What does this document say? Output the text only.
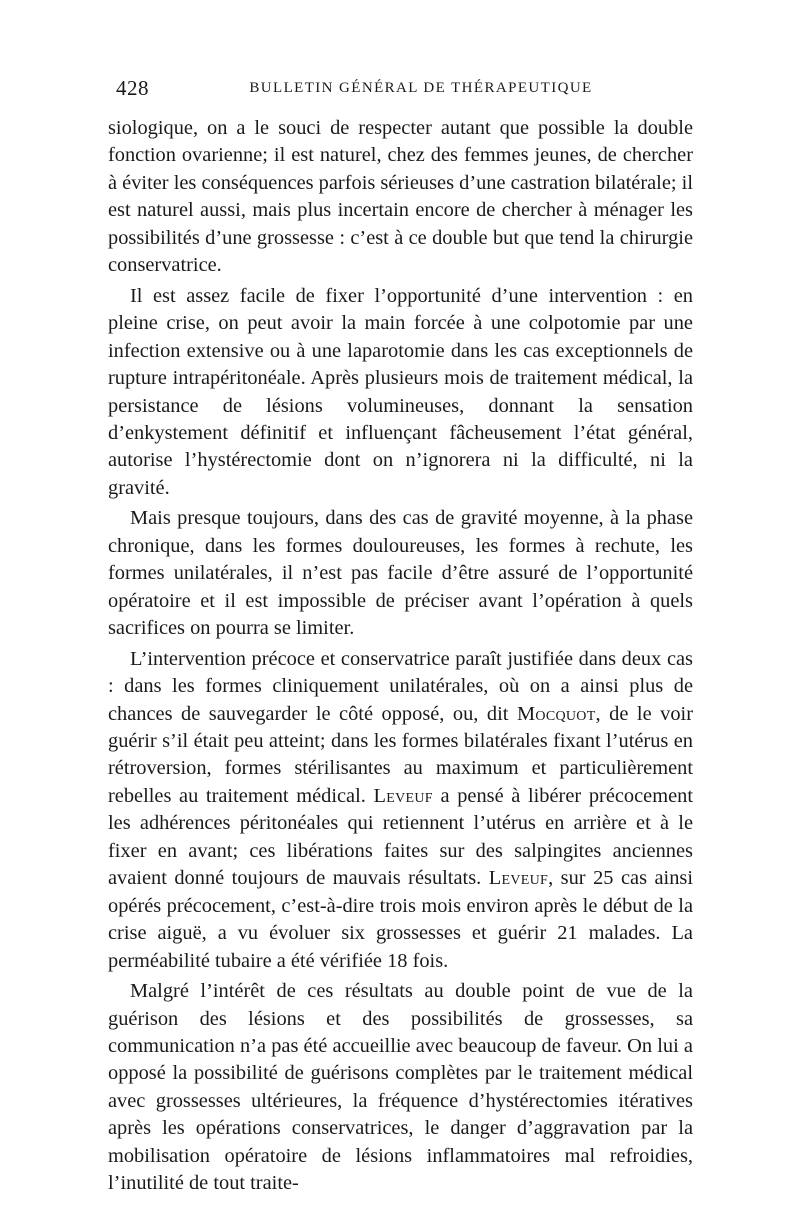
428	BULLETIN GÉNÉRAL DE THÉRAPEUTIQUE

siologique, on a le souci de respecter autant que possible la double fonction ovarienne; il est naturel, chez des femmes jeunes, de chercher à éviter les conséquences parfois sérieuses d’une castration bilatérale; il est naturel aussi, mais plus incertain encore de chercher à ménager les possibilités d’une grossesse : c’est à ce double but que tend la chirurgie conservatrice.

Il est assez facile de fixer l’opportunité d’une intervention : en pleine crise, on peut avoir la main forcée à une colpotomie par une infection extensive ou à une laparotomie dans les cas exceptionnels de rupture intrapéritonéale. Après plusieurs mois de traitement médical, la persistance de lésions volumineuses, donnant la sensation d’enkystement définitif et influençant fâcheusement l’état général, autorise l’hystérectomie dont on n’ignorera ni la difficulté, ni la gravité.

Mais presque toujours, dans des cas de gravité moyenne, à la phase chronique, dans les formes douloureuses, les formes à rechute, les formes unilatérales, il n’est pas facile d’être assuré de l’opportunité opératoire et il est impossible de préciser avant l’opération à quels sacrifices on pourra se limiter.

L’intervention précoce et conservatrice paraît justifiée dans deux cas : dans les formes cliniquement unilatérales, où on a ainsi plus de chances de sauvegarder le côté opposé, ou, dit Mocquot, de le voir guérir s’il était peu atteint; dans les formes bilatérales fixant l’utérus en rétroversion, formes stérilisantes au maximum et particulièrement rebelles au traitement médical. Leveuf a pensé à libérer précocement les adhérences péritonéales qui retiennent l’utérus en arrière et à le fixer en avant; ces libérations faites sur des salpingites anciennes avaient donné toujours de mauvais résultats. Leveuf, sur 25 cas ainsi opérés précocement, c’est-à-dire trois mois environ après le début de la crise aiguë, a vu évoluer six grossesses et guérir 21 malades. La perméabilité tubaire a été vérifiée 18 fois.

Malgré l’intérêt de ces résultats au double point de vue de la guérison des lésions et des possibilités de grossesses, sa communication n’a pas été accueillie avec beaucoup de faveur. On lui a opposé la possibilité de guérisons complètes par le traitement médical avec grossesses ultérieures, la fréquence d’hystérectomies itératives après les opérations conservatrices, le danger d’aggravation par la mobilisation opératoire de lésions inflammatoires mal refroidies, l’inutilité de tout traite-
